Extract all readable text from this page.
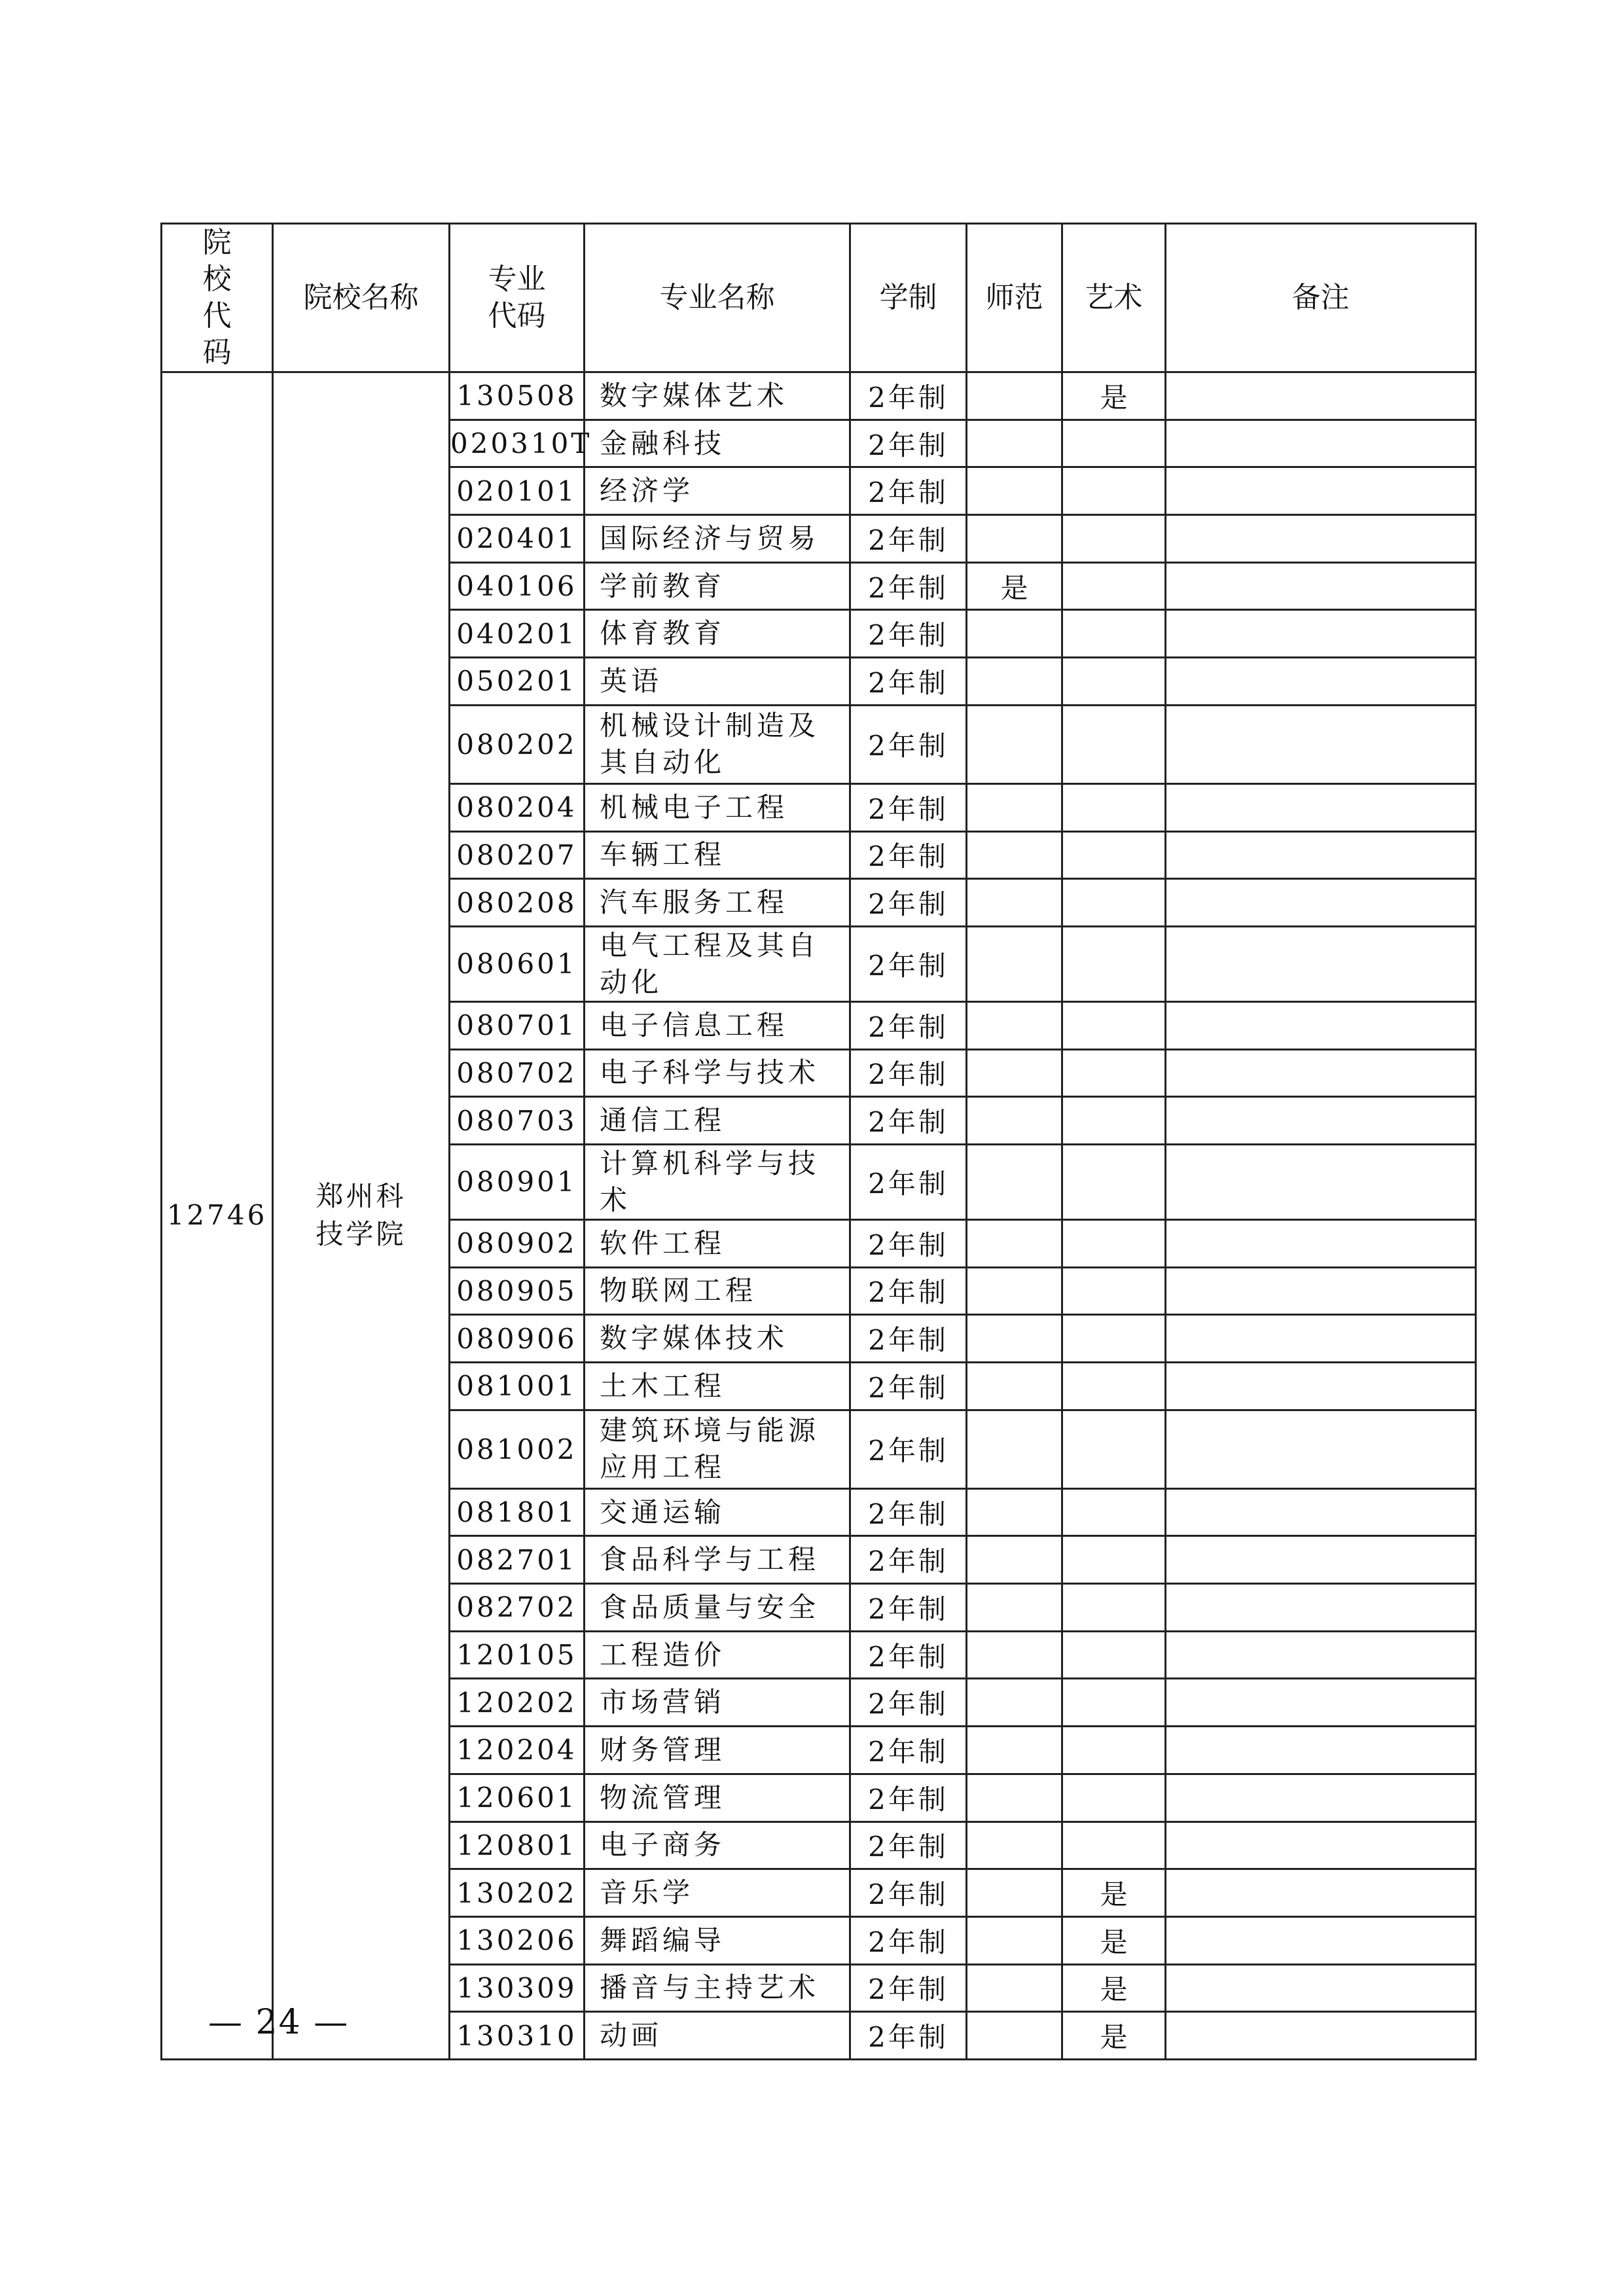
院校代码	院校名称	专业代码	专业名称	学制	师范	艺术	备注
12746	郑州科技学院	130508	数字媒体艺术	2年制		是	
		020310T	金融科技	2年制			
		020101	经济学	2年制			
		020401	国际经济与贸易	2年制			
		040106	学前教育	2年制	是		
		040201	体育教育	2年制			
		050201	英语	2年制			
		080202	机械设计制造及其自动化	2年制			
		080204	机械电子工程	2年制			
		080207	车辆工程	2年制			
		080208	汽车服务工程	2年制			
		080601	电气工程及其自动化	2年制			
		080701	电子信息工程	2年制			
		080702	电子科学与技术	2年制			
		080703	通信工程	2年制			
		080901	计算机科学与技术	2年制			
		080902	软件工程	2年制			
		080905	物联网工程	2年制			
		080906	数字媒体技术	2年制			
		081001	土木工程	2年制			
		081002	建筑环境与能源应用工程	2年制			
		081801	交通运输	2年制			
		082701	食品科学与工程	2年制			
		082702	食品质量与安全	2年制			
		120105	工程造价	2年制			
		120202	市场营销	2年制			
		120204	财务管理	2年制			
		120601	物流管理	2年制			
		120801	电子商务	2年制			
		130202	音乐学	2年制		是	
		130206	舞蹈编导	2年制		是	
		130309	播音与主持艺术	2年制		是	
		130310	动画	2年制		是	
— 24 —
